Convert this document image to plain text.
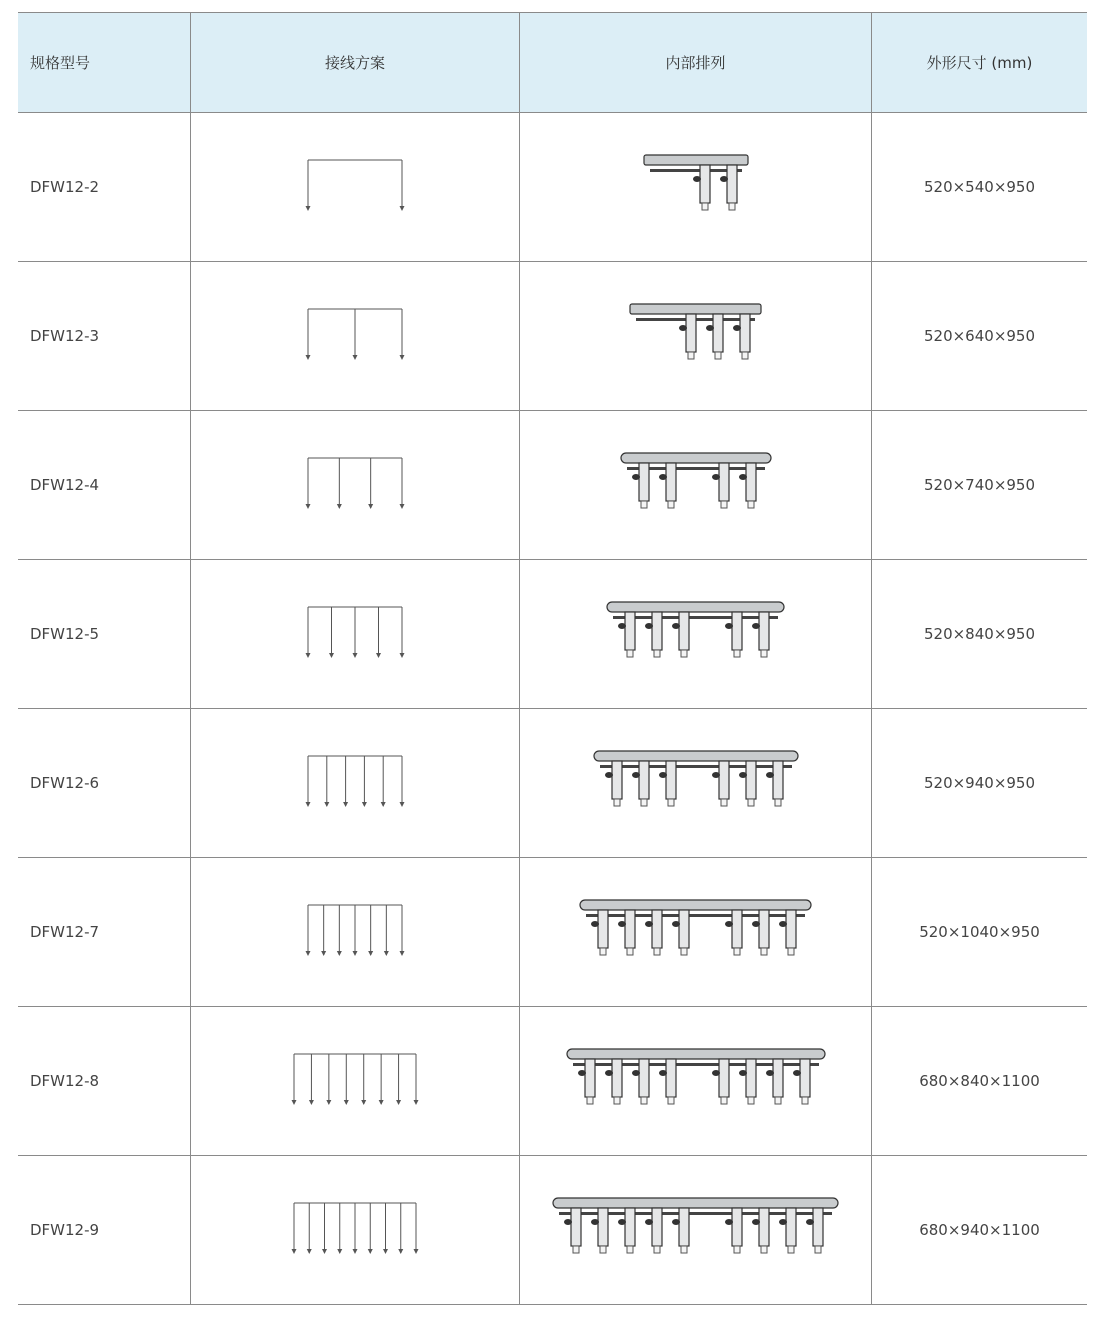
规格型号	接线方案	内部排列	外形尺寸 (mm)
DFW12-2			520×540×950
DFW12-3			520×640×950
DFW12-4			520×740×950
DFW12-5			520×840×950
DFW12-6			520×940×950
DFW12-7			520×1040×950
DFW12-8			680×840×1100
DFW12-9			680×940×1100
